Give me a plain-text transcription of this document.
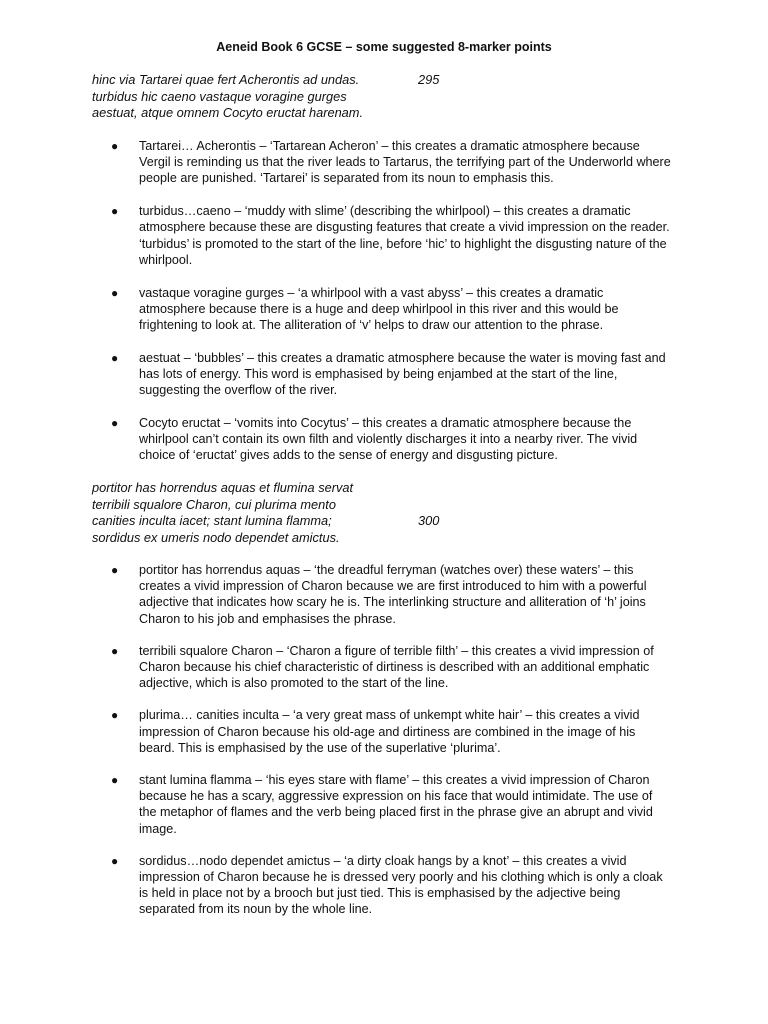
Aeneid Book 6 GCSE – some suggested 8-marker points
hinc via Tartarei quae fert Acherontis ad undas.	295
turbidus hic caeno vastaque voragine gurges
aestuat, atque omnem Cocyto eructat harenam.
● Tartarei… Acherontis – ‘Tartarean Acheron’ – this creates a dramatic atmosphere because Vergil is reminding us that the river leads to Tartarus, the terrifying part of the Underworld where people are punished. ‘Tartarei’ is separated from its noun to emphasis this.
● turbidus…caeno – ‘muddy with slime’ (describing the whirlpool) – this creates a dramatic atmosphere because these are disgusting features that create a vivid impression on the reader. ‘turbidus’ is promoted to the start of the line, before ‘hic’ to highlight the disgusting nature of the whirlpool.
● vastaque voragine gurges – ‘a whirlpool with a vast abyss’ – this creates a dramatic atmosphere because there is a huge and deep whirlpool in this river and this would be frightening to look at. The alliteration of ‘v’ helps to draw our attention to the phrase.
● aestuat – ‘bubbles’ – this creates a dramatic atmosphere because the water is moving fast and has lots of energy. This word is emphasised by being enjambed at the start of the line, suggesting the overflow of the river.
● Cocyto eructat – ‘vomits into Cocytus’ – this creates a dramatic atmosphere because the whirlpool can’t contain its own filth and violently discharges it into a nearby river. The vivid choice of ‘eructat’ gives adds to the sense of energy and disgusting picture.
portitor has horrendus aquas et flumina servat
terribili squalore Charon, cui plurima mento
canities inculta iacet; stant lumina flamma;	300
sordidus ex umeris nodo dependet amictus.
● portitor has horrendus aquas – ‘the dreadful ferryman (watches over) these waters’ – this creates a vivid impression of Charon because we are first introduced to him with a powerful adjective that indicates how scary he is. The interlinking structure and alliteration of ‘h’ joins Charon to his job and emphasises the phrase.
● terribili squalore Charon – ‘Charon a figure of terrible filth’ – this creates a vivid impression of Charon because his chief characteristic of dirtiness is described with an additional emphatic adjective, which is also promoted to the start of the line.
● plurima… canities inculta – ‘a very great mass of unkempt white hair’ – this creates a vivid impression of Charon because his old-age and dirtiness are combined in the image of his beard. This is emphasised by the use of the superlative ‘plurima’.
● stant lumina flamma – ‘his eyes stare with flame’ – this creates a vivid impression of Charon because he has a scary, aggressive expression on his face that would intimidate. The use of the metaphor of flames and the verb being placed first in the phrase give an abrupt and vivid image.
● sordidus…nodo dependet amictus – ‘a dirty cloak hangs by a knot’ – this creates a vivid impression of Charon because he is dressed very poorly and his clothing which is only a cloak is held in place not by a brooch but just tied. This is emphasised by the adjective being separated from its noun by the whole line.
